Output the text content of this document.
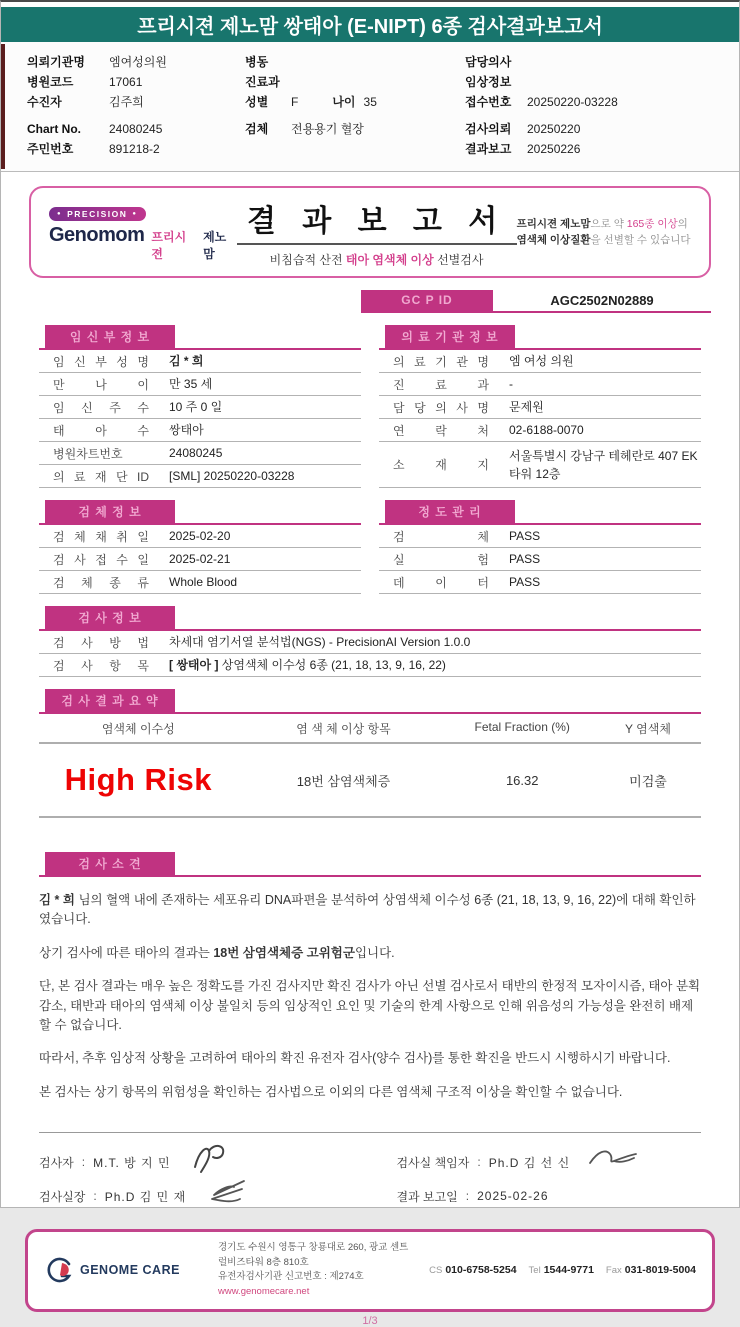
프리시젼 제노맘 쌍태아 (E-NIPT) 6종 검사결과보고서
의뢰기관명	엠여성의원
병원코드	17061
수진자	김주희
Chart No.	24080245
주민번호	891218-2
병동
진료과
성별	F	나이 35
검체	전용용기 혈장
담당의사
임상정보
접수번호	20250220-03228
검사의뢰	20250220
결과보고	20250226
● PRECISION ●
Genomom 프리시젼
제노맘
결 과 보 고 서
비침습적 산전 태아 염색체 이상 선별검사
프리시젼 제노맘으로 약 165종 이상의
염색체 이상질환을 선별할 수 있습니다
GC P ID	AGC2502N02889
임 신 부 정 보
임 신 부 성 명	김 * 희
만 나 이	만 35 세
임 신 주 수	10 주 0 일
태 아 수	쌍태아
병원차트번호	24080245
의 료 재 단 ID	[SML] 20250220-03228
의 료 기 관 정 보
의 료 기 관 명	엠 여성 의원
진 료 과	-
담 당 의 사 명	문제원
연 락 처	02-6188-0070
소 재 지
서울특별시 강남구 테헤란로 407 EK타워 12층
검 체 정 보
검 체 채 취 일	2025-02-20
검 사 접 수 일	2025-02-21
검 체 종 류	Whole Blood
정 도 관 리
검 체	PASS
실 험	PASS
데 이 터	PASS
검 사 정 보
검 사 방 법	차세대 염기서열 분석법(NGS) - PrecisionAI Version 1.0.0
검 사 항 목	[ 쌍태아 ] 상염색체 이수성 6종 (21, 18, 13, 9, 16, 22)
검 사 결 과 요 약
염색체 이수성	염 색 체 이상 항목	Fetal Fraction (%)	Y 염색체
High Risk	18번 삼염색체증	16.32	미검출
검 사 소 견

김 * 희 님의 혈액 내에 존재하는 세포유리 DNA파편을 분석하여 상염색체 이수성 6종 (21, 18, 13, 9, 16, 22)에 대해 확인하였습니다.

상기 검사에 따른 태아의 결과는 18번 삼염색체증 고위험군입니다.

단, 본 검사 결과는 매우 높은 정확도를 가진 검사지만 확진 검사가 아닌 선별 검사로서 태반의 한정적 모자이시즘, 태아 분획 감소, 태반과 태아의 염색체 이상 불일치 등의 임상적인 요인 및 기술의 한계 사항으로 인해 위음성의 가능성을 완전히 배제할 수 없습니다.

따라서, 추후 임상적 상황을 고려하여 태아의 확진 유전자 검사(양수 검사)를 통한 확진을 반드시 시행하시기 바랍니다.

본 검사는 상기 항목의 위험성을 확인하는 검사법으로 이외의 다른 염색체 구조적 이상을 확인할 수 없습니다.

검사자 : M.T. 방 지 민
검사실장 : Ph.D 김 민 재
검사실 책임자 : Ph.D 김 선 신
결과 보고일 : 2025-02-26
GENOME CARE
경기도 수원시 영통구 창룡대로 260, 광교 센트럴비즈타워 8층 810호
유전자검사기관 신고번호 : 제274호
www.genomecare.net
CS 010-6758-5254 Tel 1544-9771 Fax 031-8019-5004
1/3
